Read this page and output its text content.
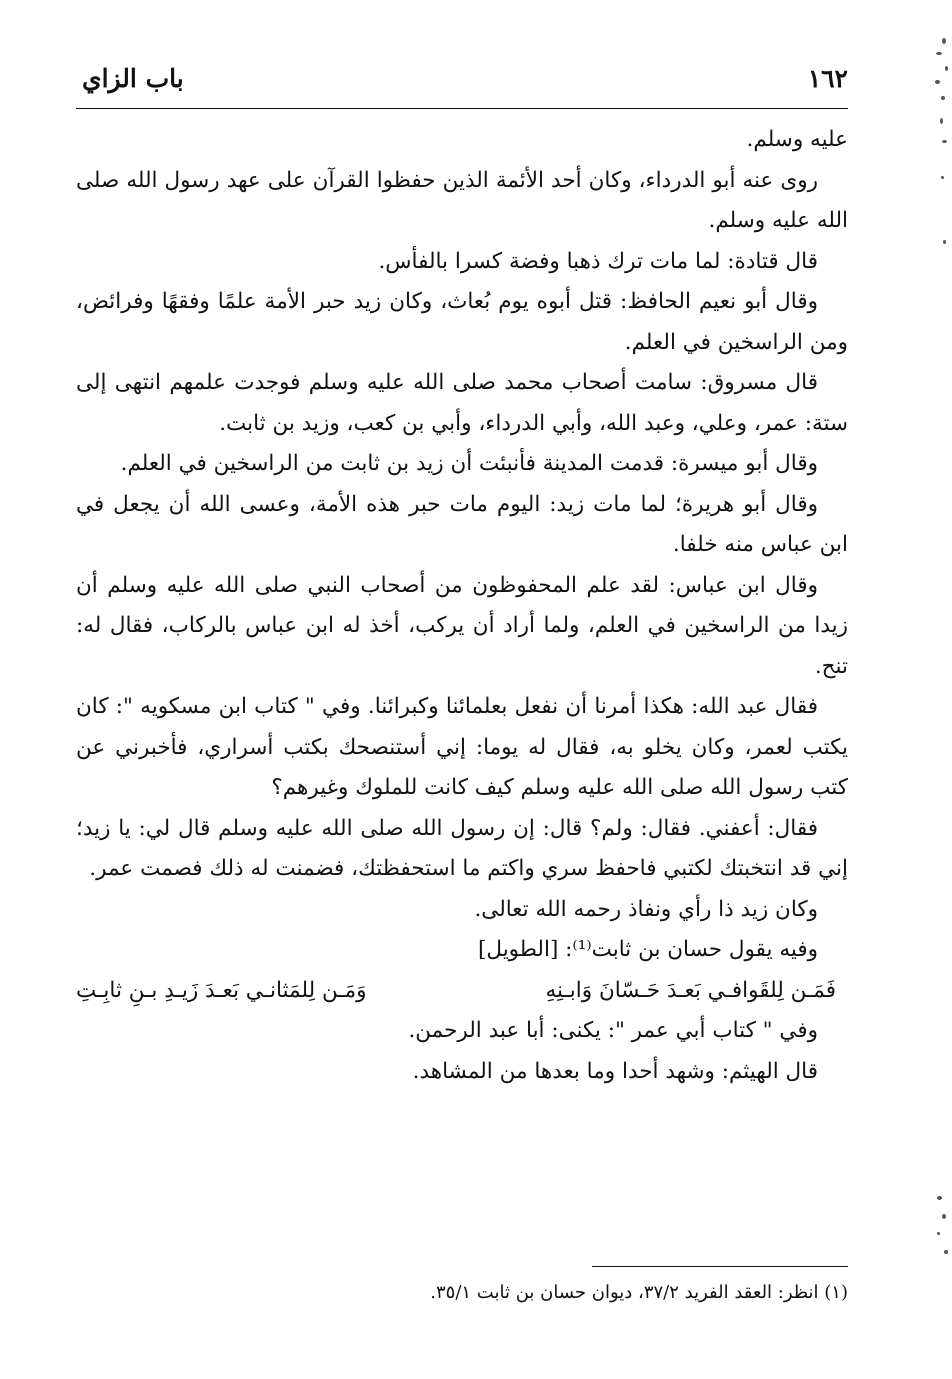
١٦٢
باب الزاي

عليه وسلم.

روى عنه أبو الدرداء، وكان أحد الأئمة الذين حفظوا القرآن على عهد رسول الله صلى الله عليه وسلم.

قال قتادة: لما مات ترك ذهبا وفضة كسرا بالفأس.

وقال أبو نعيم الحافظ: قتل أبوه يوم بُعاث، وكان زيد حبر الأمة علمًا وفقهًا وفرائض، ومن الراسخين في العلم.

قال مسروق: سامت أصحاب محمد صلى الله عليه وسلم فوجدت علمهم انتهى إلى ستة: عمر، وعلي، وعبد الله، وأبي الدرداء، وأبي بن كعب، وزيد بن ثابت.

وقال أبو ميسرة: قدمت المدينة فأنبئت أن زيد بن ثابت من الراسخين في العلم.

وقال أبو هريرة؛ لما مات زيد: اليوم مات حبر هذه الأمة، وعسى الله أن يجعل في ابن عباس منه خلفا.

وقال ابن عباس: لقد علم المحفوظون من أصحاب النبي صلى الله عليه وسلم أن زيدا من الراسخين في العلم، ولما أراد أن يركب، أخذ له ابن عباس بالركاب، فقال له: تنح.

فقال عبد الله: هكذا أمرنا أن نفعل بعلمائنا وكبرائنا. وفي " كتاب ابن مسكويه ": كان يكتب لعمر، وكان يخلو به، فقال له يوما: إني أستنصحك بكتب أسراري، فأخبرني عن كتب رسول الله صلى الله عليه وسلم كيف كانت للملوك وغيرهم؟

فقال: أعفني. فقال: ولم؟ قال: إن رسول الله صلى الله عليه وسلم قال لي: يا زيد؛ إني قد انتخبتك لكتبي فاحفظ سري واكتم ما استحفظتك، فضمنت له ذلك فصمت عمر.

وكان زيد ذا رأي ونفاذ رحمه الله تعالى.

وفيه يقول حسان بن ثابت⁽¹⁾: [الطويل]

فَمَـن لِلقَوافـي بَعـدَ حَـسّانَ وَابـنِهِ
وَمَـن لِلمَثانـي بَعـدَ زَيـدِ بـنِ ثابِـتِ

وفي " كتاب أبي عمر ": يكنى: أبا عبد الرحمن.

قال الهيثم: وشهد أحدا وما بعدها من المشاهد.

(١) انظر: العقد الفريد ٣٧/٢، ديوان حسان بن ثابت ٣٥/١.
